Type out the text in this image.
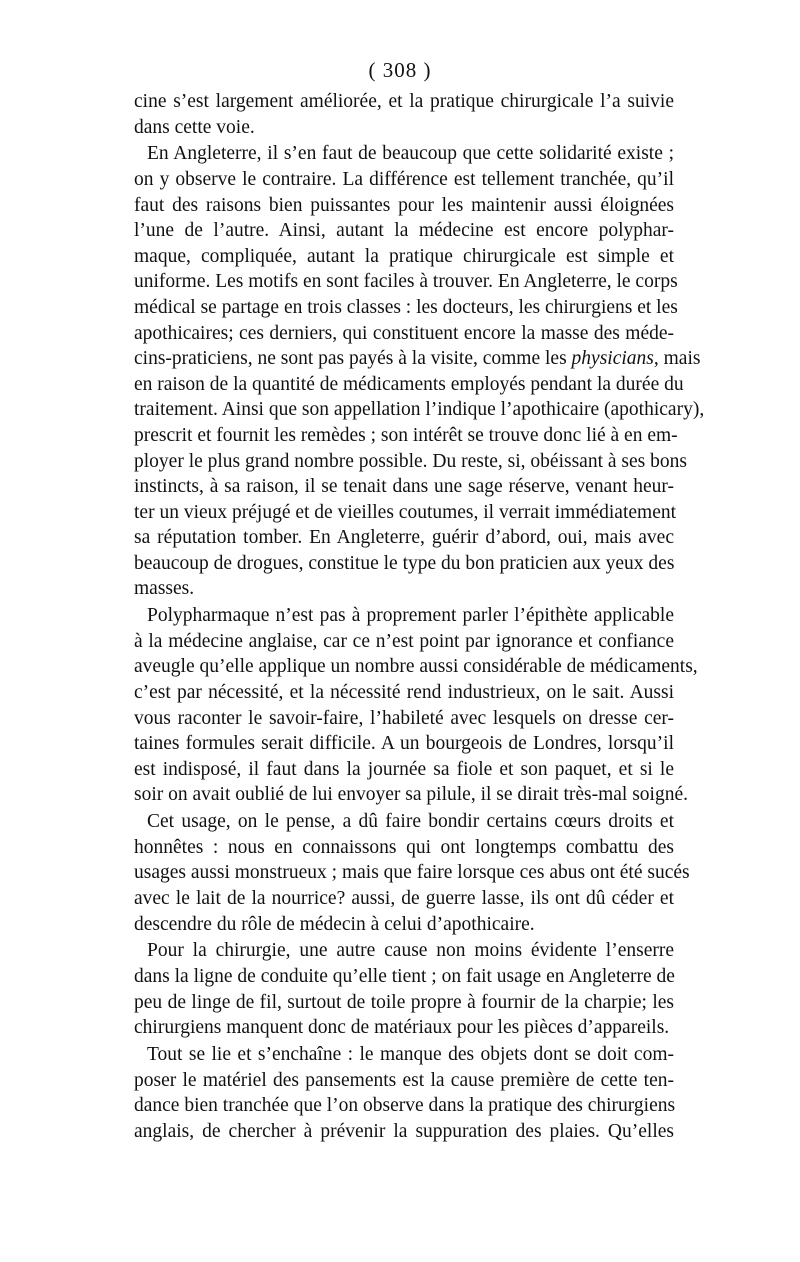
( 308 )
cine s’est largement améliorée, et la pratique chirurgicale l’a suivie
dans cette voie.
En Angleterre, il s’en faut de beaucoup que cette solidarité existe ;
on y observe le contraire. La différence est tellement tranchée, qu’il
faut des raisons bien puissantes pour les maintenir aussi éloignées
l’une de l’autre. Ainsi, autant la médecine est encore polyphar-
maque, compliquée, autant la pratique chirurgicale est simple et
uniforme. Les motifs en sont faciles à trouver. En Angleterre, le corps
médical se partage en trois classes : les docteurs, les chirurgiens et les
apothicaires; ces derniers, qui constituent encore la masse des méde-
cins-praticiens, ne sont pas payés à la visite, comme les physicians, mais
en raison de la quantité de médicaments employés pendant la durée du
traitement. Ainsi que son appellation l’indique l’apothicaire (apothicary),
prescrit et fournit les remèdes ; son intérêt se trouve donc lié à en em-
ployer le plus grand nombre possible. Du reste, si, obéissant à ses bons
instincts, à sa raison, il se tenait dans une sage réserve, venant heur-
ter un vieux préjugé et de vieilles coutumes, il verrait immédiatement
sa réputation tomber. En Angleterre, guérir d’abord, oui, mais avec
beaucoup de drogues, constitue le type du bon praticien aux yeux des
masses.
Polypharmaque n’est pas à proprement parler l’épithète applicable
à la médecine anglaise, car ce n’est point par ignorance et confiance
aveugle qu’elle applique un nombre aussi considérable de médicaments,
c’est par nécessité, et la nécessité rend industrieux, on le sait. Aussi
vous raconter le savoir-faire, l’habileté avec lesquels on dresse cer-
taines formules serait difficile. A un bourgeois de Londres, lorsqu’il
est indisposé, il faut dans la journée sa fiole et son paquet, et si le
soir on avait oublié de lui envoyer sa pilule, il se dirait très-mal soigné.
Cet usage, on le pense, a dû faire bondir certains cœurs droits et
honnêtes : nous en connaissons qui ont longtemps combattu des
usages aussi monstrueux ; mais que faire lorsque ces abus ont été sucés
avec le lait de la nourrice? aussi, de guerre lasse, ils ont dû céder et
descendre du rôle de médecin à celui d’apothicaire.
Pour la chirurgie, une autre cause non moins évidente l’enserre
dans la ligne de conduite qu’elle tient ; on fait usage en Angleterre de
peu de linge de fil, surtout de toile propre à fournir de la charpie; les
chirurgiens manquent donc de matériaux pour les pièces d’appareils.
Tout se lie et s’enchaîne : le manque des objets dont se doit com-
poser le matériel des pansements est la cause première de cette ten-
dance bien tranchée que l’on observe dans la pratique des chirurgiens
anglais, de chercher à prévenir la suppuration des plaies. Qu’elles
